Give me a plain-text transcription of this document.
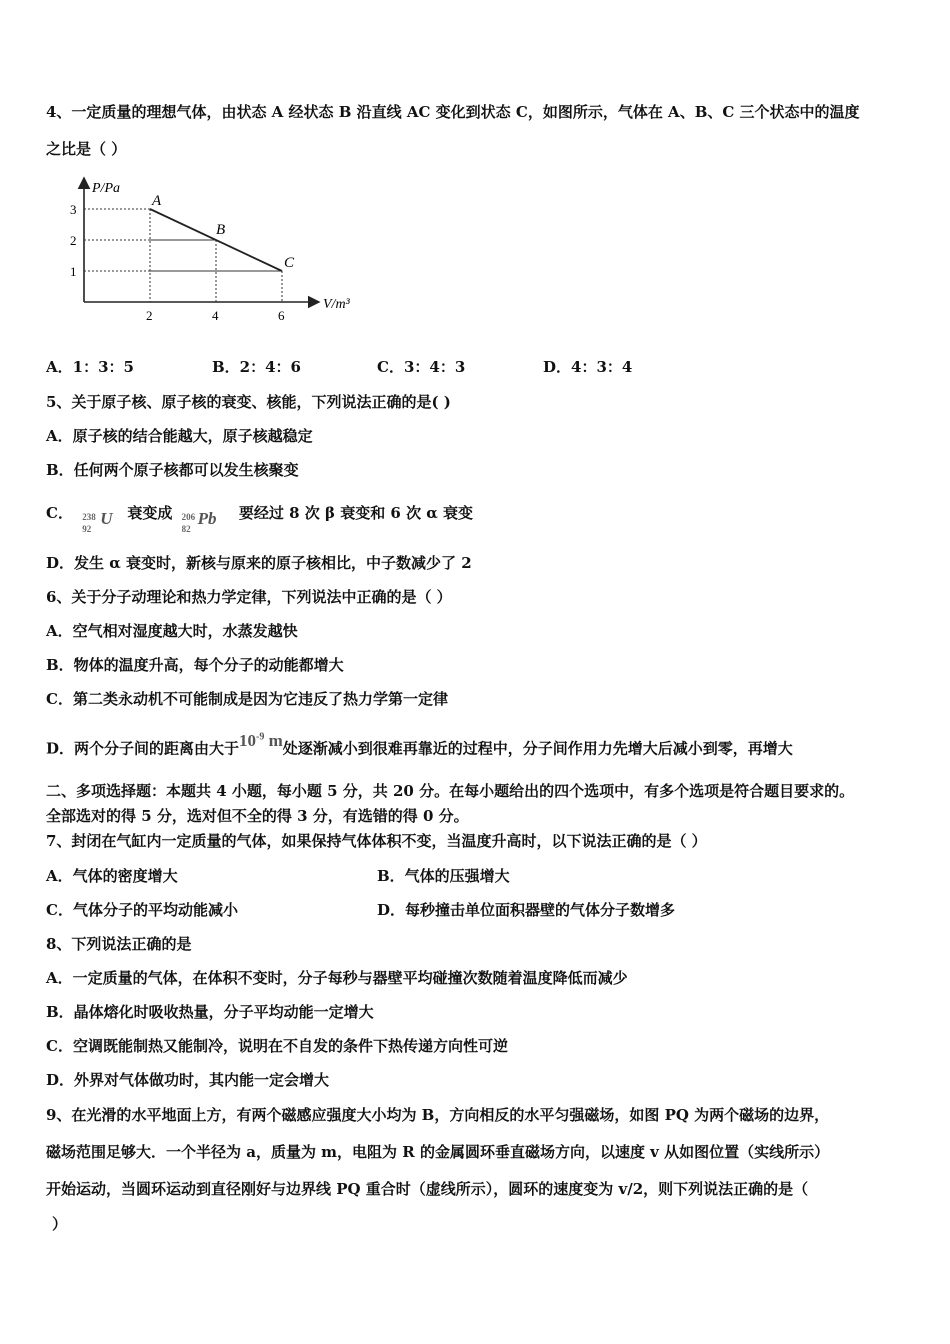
4、一定质量的理想气体，由状态 A 经状态 B 沿直线 AC 变化到状态 C，如图所示，气体在 A、B、C 三个状态中的温度
之比是（ ）
P/Pa
V/m³
2	4	6
1
2
3
A
B
C
A．1：3：5	B．2：4：6	C．3：4：3	D．4：3：4
5、关于原子核、原子核的衰变、核能，下列说法正确的是( )
A．原子核的结合能越大，原子核越稳定
B．任何两个原子核都可以发生核聚变
C． 238
92
U 衰变成 206
82
Pb 要经过 8 次 β 衰变和 6 次 α 衰变
D．发生 α 衰变时，新核与原来的原子核相比，中子数减少了 2
6、关于分子动理论和热力学定律，下列说法中正确的是（ ）
A．空气相对湿度越大时，水蒸发越快
B．物体的温度升高，每个分子的动能都增大
C．第二类永动机不可能制成是因为它违反了热力学第一定律
D．两个分子间的距离由大于$10^{-9}$ m处逐渐减小到很难再靠近的过程中，分子间作用力先增大后减小到零，再增大
二、多项选择题：本题共 4 小题，每小题 5 分，共 20 分。在每小题给出的四个选项中，有多个选项是符合题目要求的。
全部选对的得 5 分，选对但不全的得 3 分，有选错的得 0 分。
7、封闭在气缸内一定质量的气体，如果保持气体体积不变，当温度升高时，以下说法正确的是（ ）
A．气体的密度增大	B．气体的压强增大
C．气体分子的平均动能减小	D．每秒撞击单位面积器壁的气体分子数增多
8、下列说法正确的是
A．一定质量的气体，在体积不变时，分子每秒与器壁平均碰撞次数随着温度降低而减少
B．晶体熔化时吸收热量，分子平均动能一定增大
C．空调既能制热又能制冷，说明在不自发的条件下热传递方向性可逆
D．外界对气体做功时，其内能一定会增大
9、在光滑的水平地面上方，有两个磁感应强度大小均为 B，方向相反的水平匀强磁场，如图 PQ 为两个磁场的边界，
磁场范围足够大．一个半径为 a，质量为 m，电阻为 R 的金属圆环垂直磁场方向，以速度 v 从如图位置（实线所示）
开始运动，当圆环运动到直径刚好与边界线 PQ 重合时（虚线所示），圆环的速度变为 v/2，则下列说法正确的是（
）
